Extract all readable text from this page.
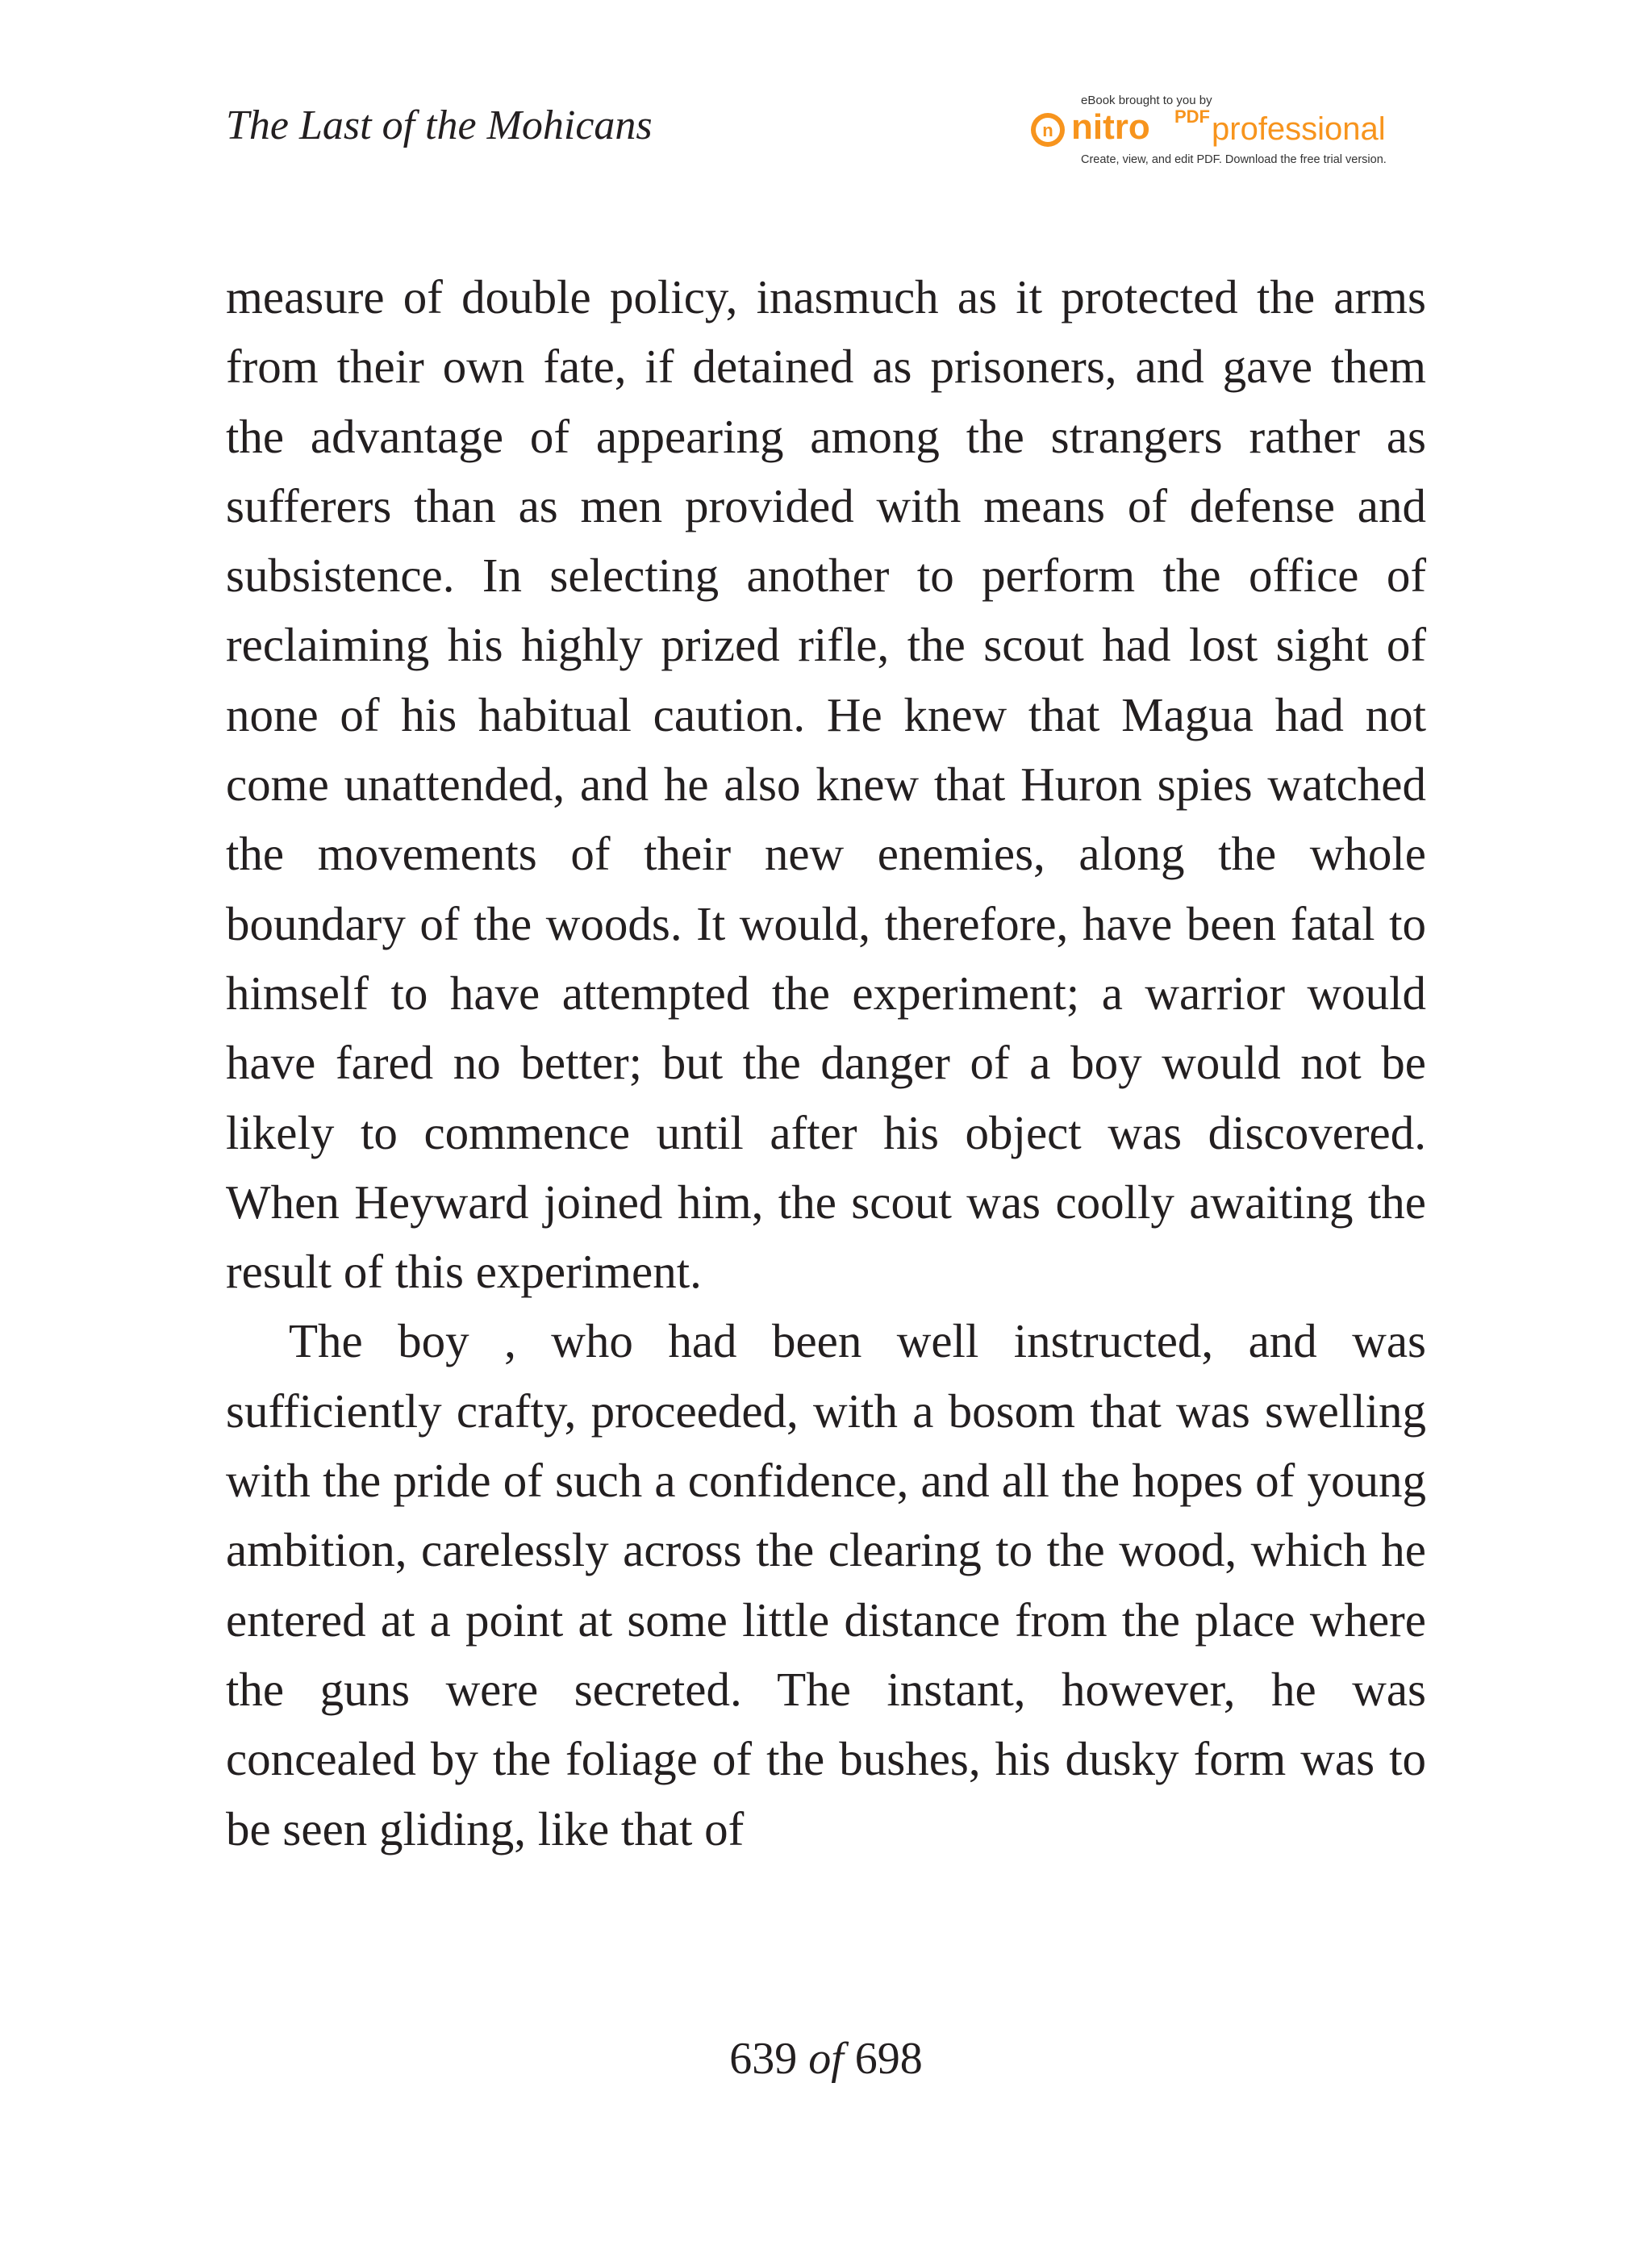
The Last of the Mohicans
eBook brought to you by
n nitro PDF professional
Create, view, and edit PDF. Download the free trial version.

measure of double policy, inasmuch as it protected the arms from their own fate, if detained as prisoners, and gave them the advantage of appearing among the strangers rather as sufferers than as men provided with means of defense and subsistence. In selecting another to perform the office of reclaiming his highly prized rifle, the scout had lost sight of none of his habitual caution. He knew that Magua had not come unattended, and he also knew that Huron spies watched the movements of their new enemies, along the whole boundary of the woods. It would, therefore, have been fatal to himself to have attempted the experiment; a warrior would have fared no better; but the danger of a boy would not be likely to commence until after his object was discovered. When Heyward joined him, the scout was coolly awaiting the result of this experiment.

The boy , who had been well instructed, and was sufficiently crafty, proceeded, with a bosom that was swelling with the pride of such a confidence, and all the hopes of young ambition, carelessly across the clearing to the wood, which he entered at a point at some little distance from the place where the guns were secreted. The instant, however, he was concealed by the foliage of the bushes, his dusky form was to be seen gliding, like that of

639 of 698
